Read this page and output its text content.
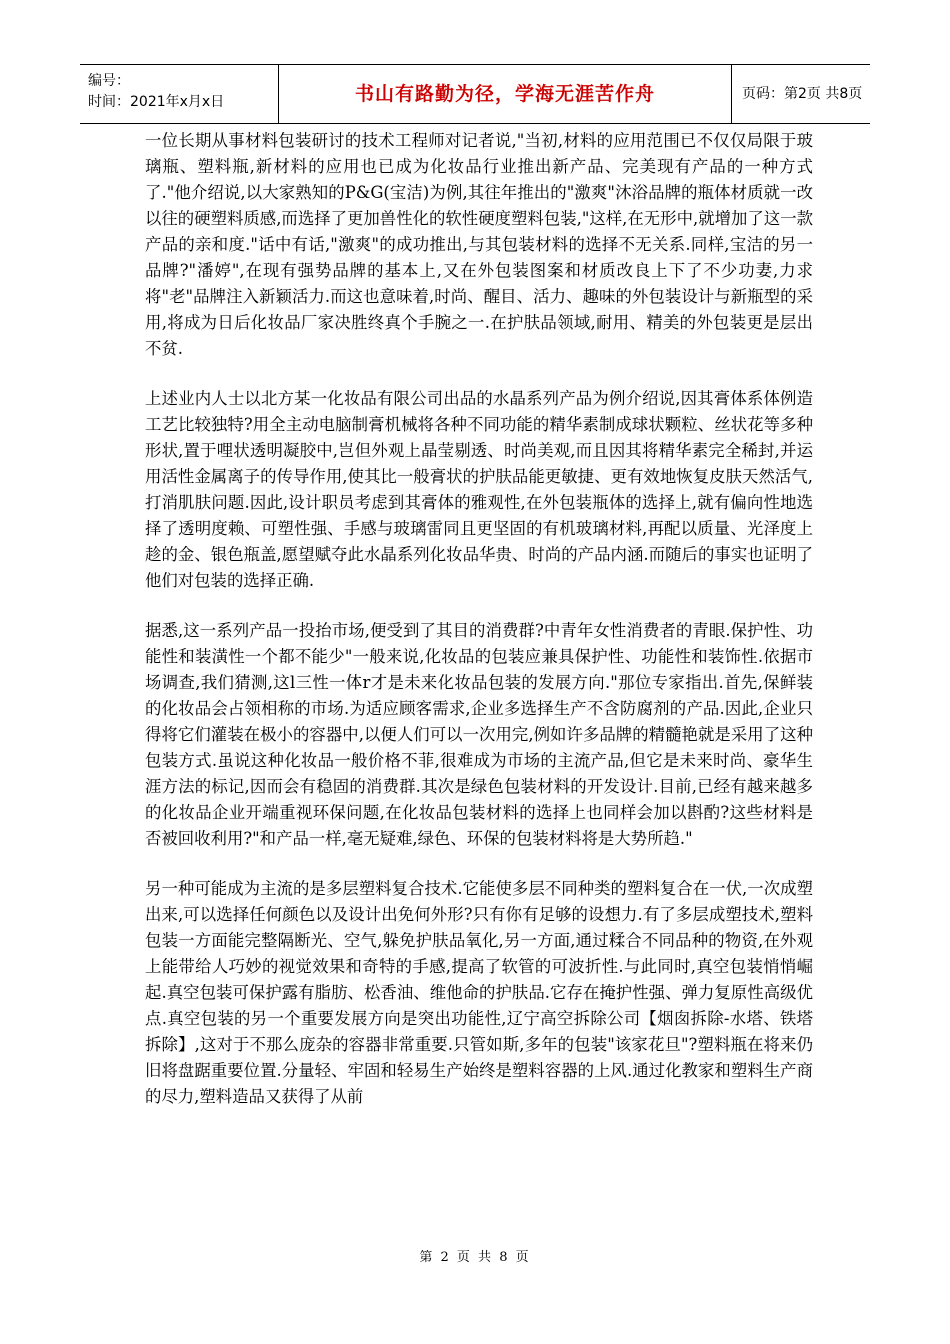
编号：
时间：2021年x月x日	书山有路勤为径，学海无涯苦作舟	页码：第2页 共8页

一位长期从事材料包装研讨的技术工程师对记者说,"当初,材料的应用范围已不仅仅局限于玻璃瓶、塑料瓶,新材料的应用也已成为化妆品行业推出新产品、完美现有产品的一种方式了."他介绍说,以大家熟知的P&G(宝洁)为例,其往年推出的"激爽"沐浴品牌的瓶体材质就一改以往的硬塑料质感,而选择了更加兽性化的软性硬度塑料包装,"这样,在无形中,就增加了这一款产品的亲和度."话中有话,"激爽"的成功推出,与其包装材料的选择不无关系.同样,宝洁的另一品牌?"潘婷",在现有强势品牌的基本上,又在外包装图案和材质改良上下了不少功妻,力求将"老"品牌注入新颖活力.而这也意味着,时尚、醒目、活力、趣味的外包装设计与新瓶型的采用,将成为日后化妆品厂家决胜终真个手腕之一.在护肤品领域,耐用、精美的外包装更是层出不贫.

上述业内人士以北方某一化妆品有限公司出品的水晶系列产品为例介绍说,因其膏体系体例造工艺比较独特?用全主动电脑制膏机械将各种不同功能的精华素制成球状颗粒、丝状花等多种形状,置于哩状透明凝胶中,岂但外观上晶莹剔透、时尚美观,而且因其将精华素完全稀封,并运用活性金属离子的传导作用,使其比一般膏状的护肤品能更敏捷、更有效地恢复皮肤天然活气,打消肌肤问题.因此,设计职员考虑到其膏体的雅观性,在外包装瓶体的选择上,就有偏向性地选择了透明度赖、可塑性强、手感与玻璃雷同且更坚固的有机玻璃材料,再配以质量、光泽度上趁的金、银色瓶盖,愿望赋夺此水晶系列化妆品华贵、时尚的产品内涵.而随后的事实也证明了他们对包装的选择正确.

据悉,这一系列产品一投抬市场,便受到了其目的消费群?中青年女性消费者的青眼.保护性、功能性和装潢性一个都不能少"一般来说,化妆品的包装应兼具保护性、功能性和装饰性.依据市场调查,我们猜测,这l三性一体r才是未来化妆品包装的发展方向."那位专家指出.首先,保鲜装的化妆品会占领相称的市场.为适应顾客需求,企业多选择生产不含防腐剂的产品.因此,企业只得将它们灌装在极小的容器中,以便人们可以一次用完,例如许多品牌的精髓艳就是采用了这种包装方式.虽说这种化妆品一般价格不菲,很难成为市场的主流产品,但它是未来时尚、豪华生涯方法的标记,因而会有稳固的消费群.其次是绿色包装材料的开发设计.目前,已经有越来越多的化妆品企业开端重视环保问题,在化妆品包装材料的选择上也同样会加以斟酌?这些材料是否被回收利用?"和产品一样,毫无疑难,绿色、环保的包装材料将是大势所趋."

另一种可能成为主流的是多层塑料复合技术.它能使多层不同种类的塑料复合在一伏,一次成塑出来,可以选择任何颜色以及设计出免何外形?只有你有足够的设想力.有了多层成塑技术,塑料包装一方面能完整隔断光、空气,躲免护肤品氧化,另一方面,通过糅合不同品种的物资,在外观上能带给人巧妙的视觉效果和奇特的手感,提高了软管的可波折性.与此同时,真空包装悄悄崛起.真空包装可保护露有脂肪、松香油、维他命的护肤品.它存在掩护性强、弹力复原性高级优点.真空包装的另一个重要发展方向是突出功能性,辽宁高空拆除公司【烟囱拆除-水塔、铁塔拆除】,这对于不那么庞杂的容器非常重要.只管如斯,多年的包装"该家花旦"?塑料瓶在将来仍旧将盘踞重要位置.分量轻、牢固和轻易生产始终是塑料容器的上风.通过化教家和塑料生产商的尽力,塑料造品又获得了从前

第 2 页 共 8 页
